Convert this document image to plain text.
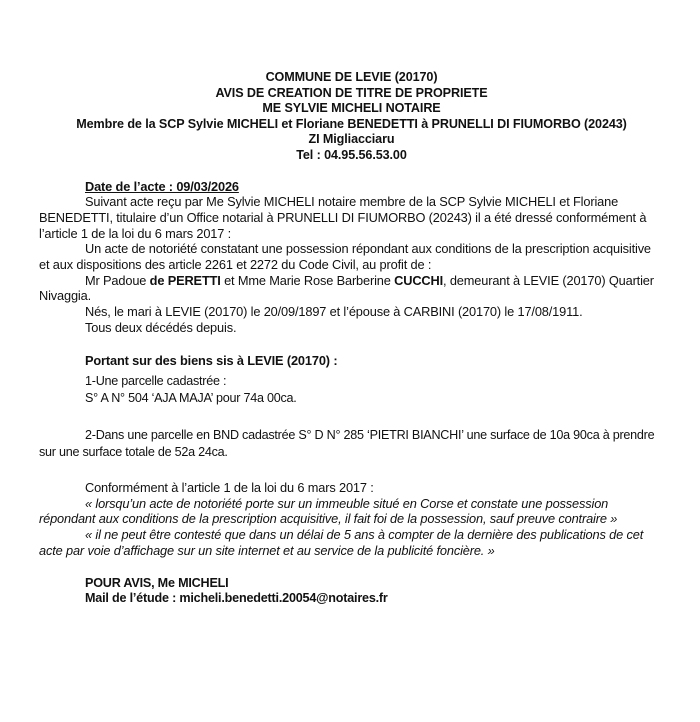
COMMUNE DE LEVIE (20170)
AVIS DE CREATION DE TITRE DE PROPRIETE
ME SYLVIE MICHELI NOTAIRE
Membre de la SCP Sylvie MICHELI et Floriane BENEDETTI à PRUNELLI DI FIUMORBO (20243)
ZI Migliacciaru
Tel : 04.95.56.53.00
Date de l’acte : 09/03/2026

Suivant acte reçu par Me Sylvie MICHELI notaire membre de la SCP Sylvie MICHELI et Floriane BENEDETTI, titulaire d’un Office notarial à PRUNELLI DI FIUMORBO (20243) il a été dressé conformément à l’article 1 de la loi du 6 mars 2017 :

Un acte de notoriété constatant une possession répondant aux conditions de la prescription acquisitive et aux dispositions des article 2261 et 2272 du Code Civil, au profit de :

Mr Padoue de PERETTI et Mme Marie Rose Barberine CUCCHI, demeurant à LEVIE (20170) Quartier Nivaggia.

Nés, le mari à LEVIE (20170) le 20/09/1897 et l’épouse à CARBINI (20170) le 17/08/1911.
Tous deux décédés depuis.
Portant sur des biens sis à LEVIE (20170) :
1-Une parcelle cadastrée :
S° A N° 504 ‘AJA MAJA’ pour 74a 00ca.

2-Dans une parcelle en BND cadastrée S° D N° 285 ‘PIETRI BIANCHI’ une surface de 10a 90ca à prendre sur une surface totale de 52a 24ca.

Conformément à l’article 1 de la loi du 6 mars 2017 :

« lorsqu’un acte de notoriété porte sur un immeuble situé en Corse et constate une possession répondant aux conditions de la prescription acquisitive, il fait foi de la possession, sauf preuve contraire »

« il ne peut être contesté que dans un délai de 5 ans à compter de la dernière des publications de cet acte par voie d’affichage sur un site internet et au service de la publicité foncière. »

POUR AVIS, Me MICHELI
Mail de l’étude : micheli.benedetti.20054@notaires.fr
